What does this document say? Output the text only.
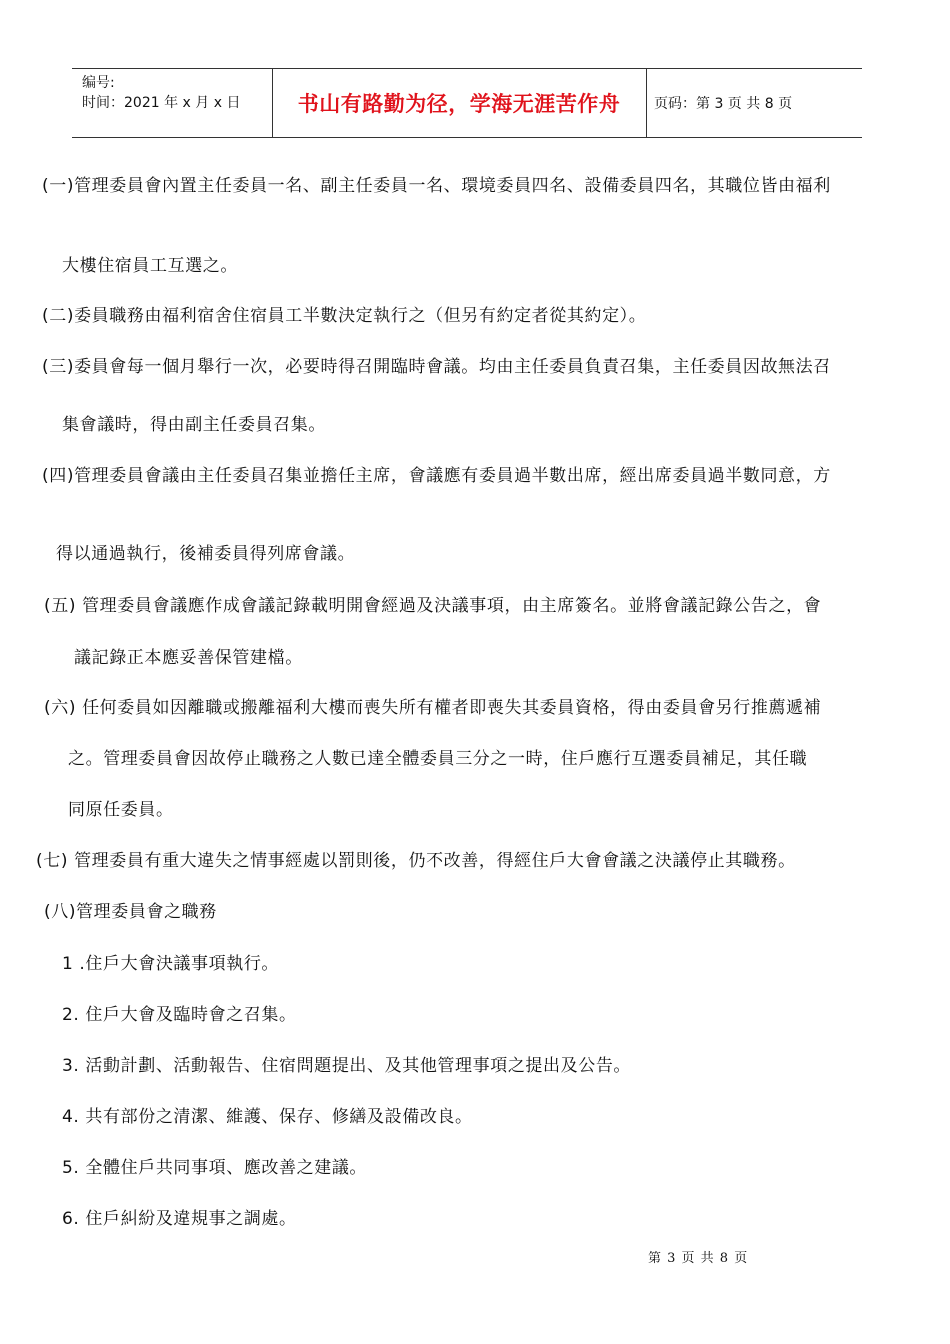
编号:
时间：2021 年 x 月 x 日	书山有路勤为径，学海无涯苦作舟	页码：第 3 页 共 8 页
(一)管理委員會內置主任委員一名、副主任委員一名、環境委員四名、設備委員四名，其職位皆由福利
大樓住宿員工互選之。
(二)委員職務由福利宿舍住宿員工半數決定執行之（但另有約定者從其約定）。
(三)委員會每一個月舉行一次，必要時得召開臨時會議。均由主任委員負責召集，主任委員因故無法召
集會議時，得由副主任委員召集。
(四)管理委員會議由主任委員召集並擔任主席，會議應有委員過半數出席，經出席委員過半數同意，方
得以通過執行，後補委員得列席會議。
(五) 管理委員會議應作成會議記錄載明開會經過及決議事項，由主席簽名。並將會議記錄公告之，會
議記錄正本應妥善保管建檔。
(六) 任何委員如因離職或搬離福利大樓而喪失所有權者即喪失其委員資格，得由委員會另行推薦遞補
之。管理委員會因故停止職務之人數已達全體委員三分之一時，住戶應行互選委員補足，其任職
同原任委員。
(七) 管理委員有重大違失之情事經處以罰則後，仍不改善，得經住戶大會會議之決議停止其職務。
(八)管理委員會之職務
1 .住戶大會決議事項執行。
2. 住戶大會及臨時會之召集。
3. 活動計劃、活動報告、住宿問題提出、及其他管理事項之提出及公告。
4. 共有部份之清潔、維護、保存、修繕及設備改良。
5. 全體住戶共同事項、應改善之建議。
6. 住戶糾紛及違規事之調處。
第 3 页 共 8 页
